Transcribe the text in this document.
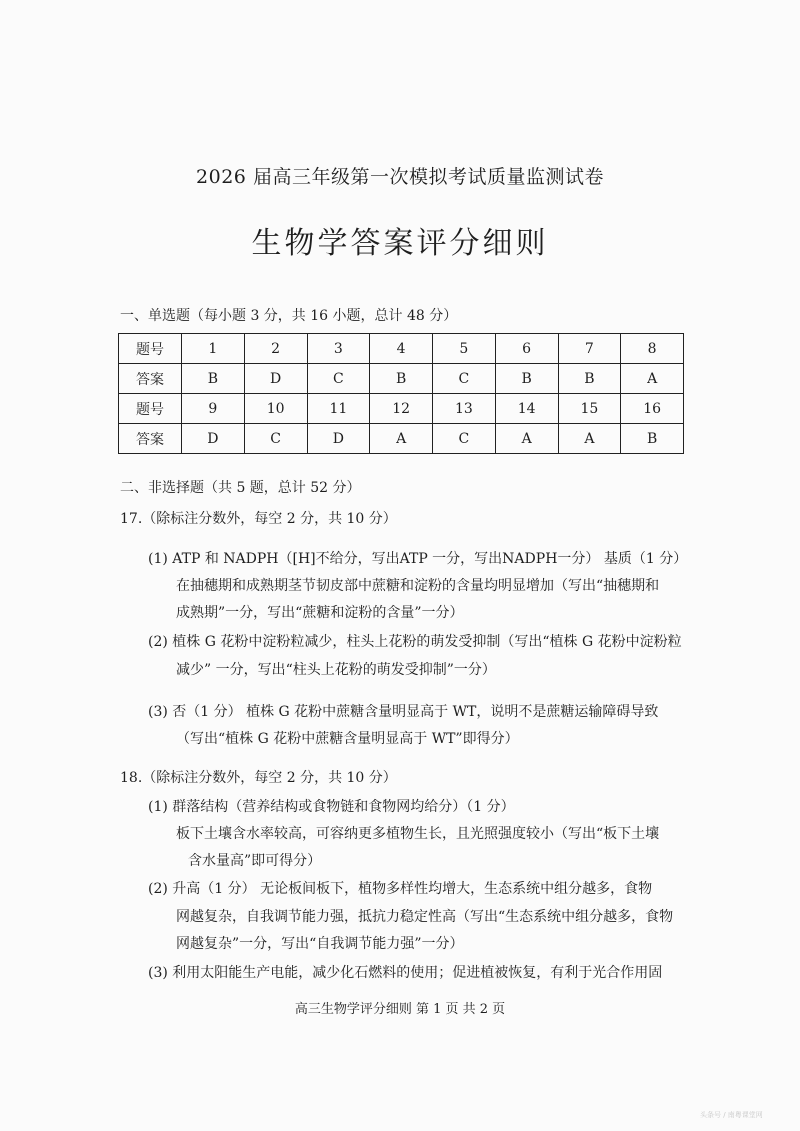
2026 届高三年级第一次模拟考试质量监测试卷
生物学答案评分细则
一、单选题（每小题 3 分，共 16 小题，总计 48 分）
题号	1	2	3	4	5	6	7	8
答案	B	D	C	B	C	B	B	A
题号	9	10	11	12	13	14	15	16
答案	D	C	D	A	C	A	A	B
二、非选择题（共 5 题，总计 52 分）
17.（除标注分数外，每空 2 分，共 10 分）
(1) ATP 和 NADPH（[H]不给分，写出ATP 一分，写出NADPH一分） 基质（1 分）
在抽穗期和成熟期茎节韧皮部中蔗糖和淀粉的含量均明显增加（写出“抽穗期和
成熟期”一分，写出“蔗糖和淀粉的含量”一分）
(2) 植株 G 花粉中淀粉粒减少，柱头上花粉的萌发受抑制（写出“植株 G 花粉中淀粉粒
减少” 一分，写出“柱头上花粉的萌发受抑制”一分）
(3) 否（1 分） 植株 G 花粉中蔗糖含量明显高于 WT，说明不是蔗糖运输障碍导致
（写出“植株 G 花粉中蔗糖含量明显高于 WT”即得分）
18.（除标注分数外，每空 2 分，共 10 分）
(1) 群落结构（营养结构或食物链和食物网均给分）（1 分）
板下土壤含水率较高，可容纳更多植物生长，且光照强度较小（写出“板下土壤
含水量高”即可得分）
(2) 升高（1 分） 无论板间板下，植物多样性均增大，生态系统中组分越多，食物
网越复杂，自我调节能力强，抵抗力稳定性高（写出“生态系统中组分越多，食物
网越复杂”一分，写出“自我调节能力强”一分）
(3) 利用太阳能生产电能，减少化石燃料的使用；促进植被恢复，有利于光合作用固
高三生物学评分细则 第 1 页 共 2 页
头条号 / 南粤课堂网
